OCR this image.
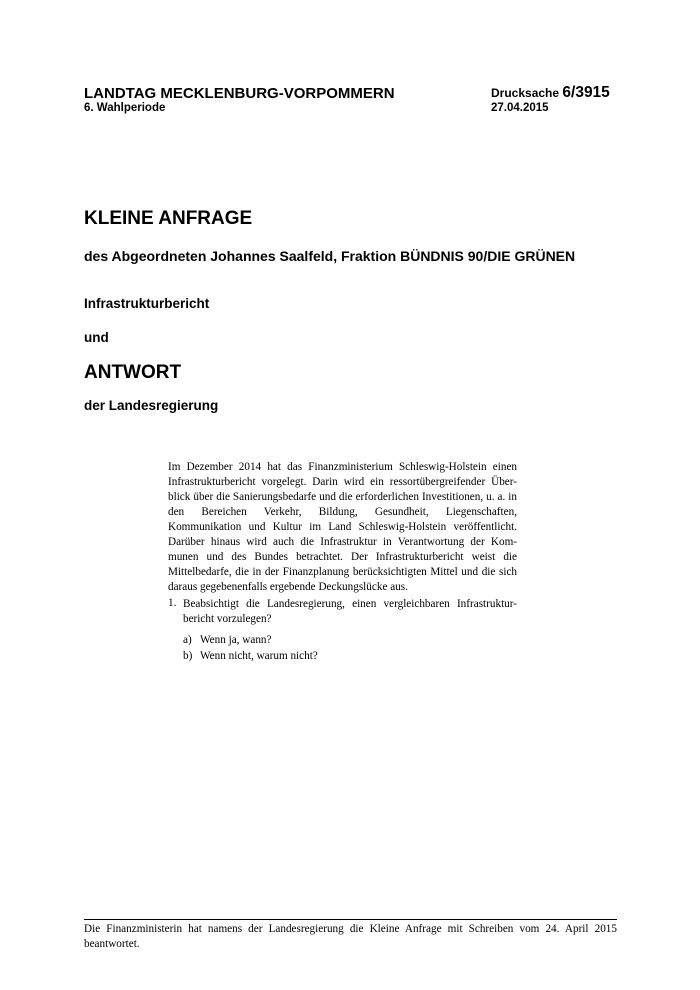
LANDTAG MECKLENBURG-VORPOMMERN
6. Wahlperiode
Drucksache 6/3915
27.04.2015
KLEINE ANFRAGE
des Abgeordneten Johannes Saalfeld, Fraktion BÜNDNIS 90/DIE GRÜNEN
Infrastrukturbericht
und
ANTWORT
der Landesregierung
Im Dezember 2014 hat das Finanzministerium Schleswig-Holstein einen Infrastrukturbericht vorgelegt. Darin wird ein ressortübergreifender Über- blick über die Sanierungsbedarfe und die erforderlichen Investitionen, u. a. in den Bereichen Verkehr, Bildung, Gesundheit, Liegenschaften, Kommunikation und Kultur im Land Schleswig-Holstein veröffentlicht. Darüber hinaus wird auch die Infrastruktur in Verantwortung der Kom- munen und des Bundes betrachtet. Der Infrastrukturbericht weist die Mittelbedarfe, die in der Finanzplanung berücksichtigten Mittel und die sich daraus gegebenenfalls ergebende Deckungslücke aus.
1. Beabsichtigt die Landesregierung, einen vergleichbaren Infrastruktur- bericht vorzulegen?
a) Wenn ja, wann?
b) Wenn nicht, warum nicht?
Die Finanzministerin hat namens der Landesregierung die Kleine Anfrage mit Schreiben vom 24. April 2015 beantwortet.
